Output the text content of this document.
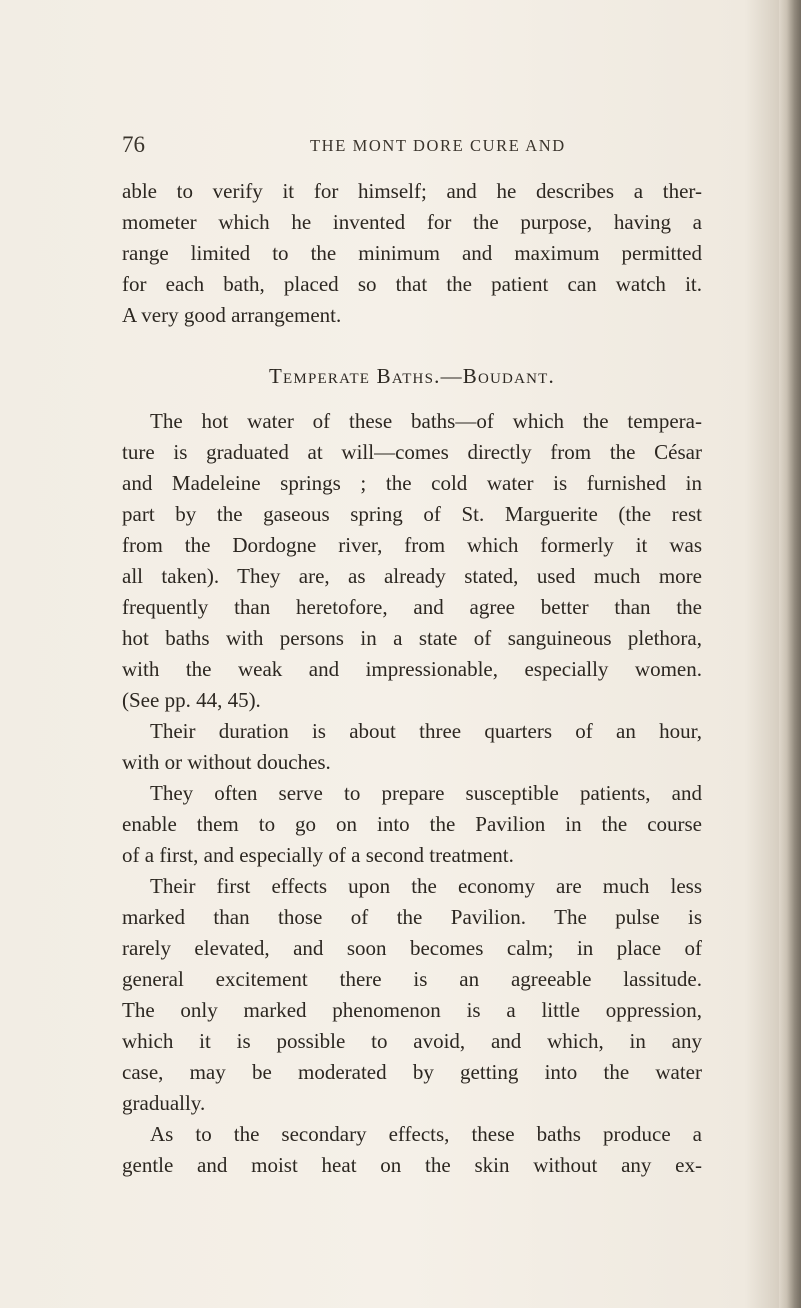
76	THE MONT DORE CURE AND
able to verify it for himself; and he describes a ther-
mometer which he invented for the purpose, having a
range limited to the minimum and maximum permitted
for each bath, placed so that the patient can watch it.
A very good arrangement.
Temperate Baths.—Boudant.
The hot water of these baths—of which the tempera-
ture is graduated at will—comes directly from the César
and Madeleine springs ; the cold water is furnished in
part by the gaseous spring of St. Marguerite (the rest
from the Dordogne river, from which formerly it was
all taken). They are, as already stated, used much more
frequently than heretofore, and agree better than the
hot baths with persons in a state of sanguineous plethora,
with the weak and impressionable, especially women.
(See pp. 44, 45).
Their duration is about three quarters of an hour,
with or without douches.
They often serve to prepare susceptible patients, and
enable them to go on into the Pavilion in the course
of a first, and especially of a second treatment.
Their first effects upon the economy are much less
marked than those of the Pavilion. The pulse is
rarely elevated, and soon becomes calm; in place of
general excitement there is an agreeable lassitude.
The only marked phenomenon is a little oppression,
which it is possible to avoid, and which, in any
case, may be moderated by getting into the water
gradually.
As to the secondary effects, these baths produce a
gentle and moist heat on the skin without any ex-
